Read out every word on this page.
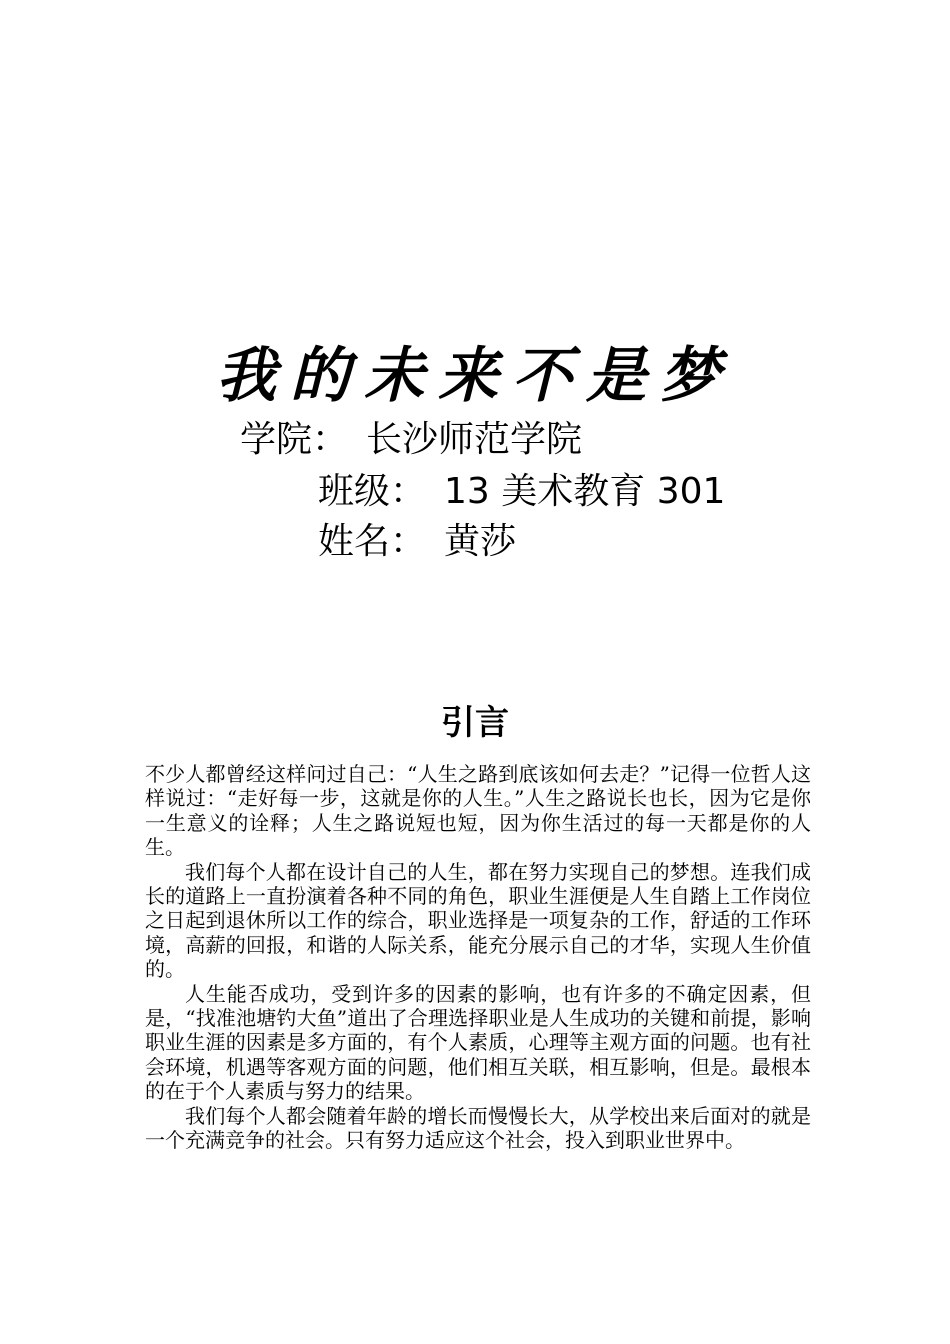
我的未来不是梦
学院： 长沙师范学院
班级： 13 美术教育 301
姓名： 黄莎
引言

不少人都曾经这样问过自己：“人生之路到底该如何去走？”记得一位哲人这样说过：“走好每一步，这就是你的人生。”人生之路说长也长，因为它是你一生意义的诠释；人生之路说短也短，因为你生活过的每一天都是你的人生。

我们每个人都在设计自己的人生，都在努力实现自己的梦想。连我们成长的道路上一直扮演着各种不同的角色，职业生涯便是人生自踏上工作岗位之日起到退休所以工作的综合，职业选择是一项复杂的工作，舒适的工作环境，高薪的回报，和谐的人际关系，能充分展示自己的才华，实现人生价值的。

人生能否成功，受到许多的因素的影响，也有许多的不确定因素，但是，“找准池塘钓大鱼”道出了合理选择职业是人生成功的关键和前提，影响职业生涯的因素是多方面的，有个人素质，心理等主观方面的问题。也有社会环境，机遇等客观方面的问题，他们相互关联，相互影响，但是。最根本的在于个人素质与努力的结果。

我们每个人都会随着年龄的增长而慢慢长大，从学校出来后面对的就是一个充满竞争的社会。只有努力适应这个社会，投入到职业世界中。
